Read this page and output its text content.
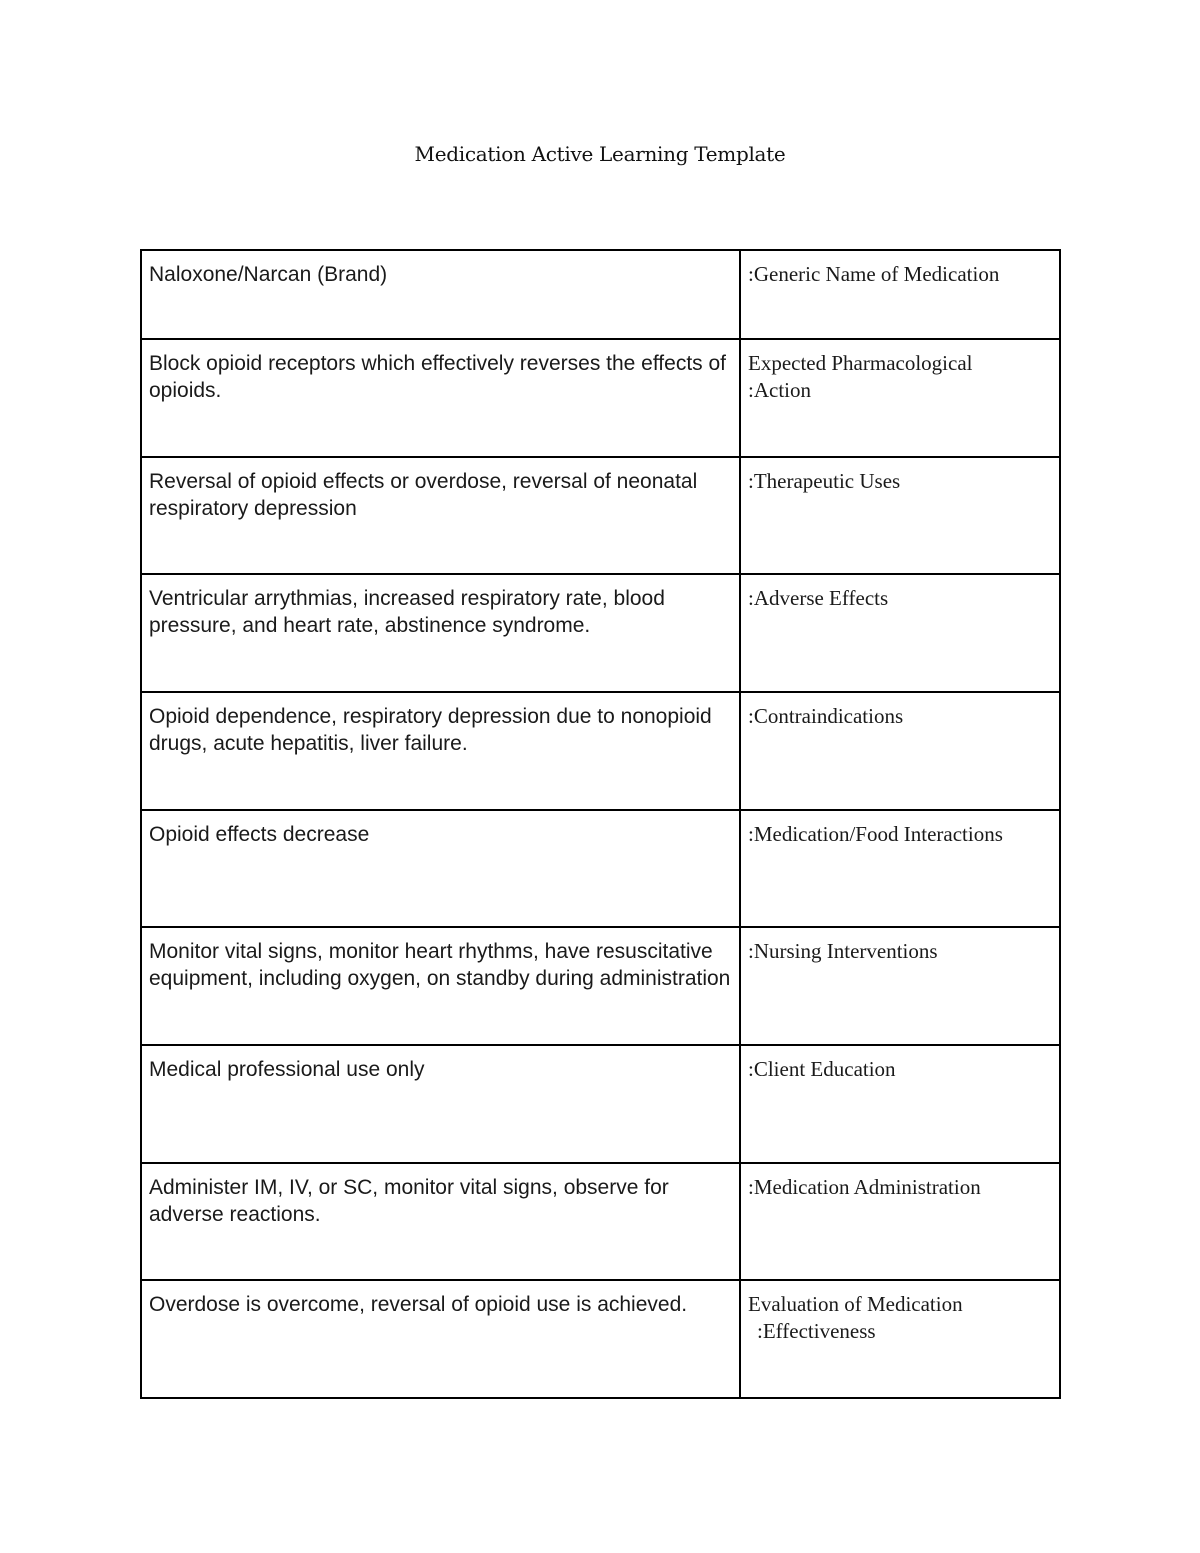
Medication Active Learning Template
Naloxone/Narcan (Brand)	:Generic Name of Medication
Block opioid receptors which effectively reverses the effects of opioids.	Expected Pharmacological
:Action

Reversal of opioid effects or overdose, reversal of neonatal respiratory depression	:Therapeutic Uses
Ventricular arrythmias, increased respiratory rate, blood pressure, and heart rate, abstinence syndrome.	:Adverse Effects
Opioid dependence, respiratory depression due to nonopioid drugs, acute hepatitis, liver failure.	:Contraindications
Opioid effects decrease	:Medication/Food Interactions
Monitor vital signs, monitor heart rhythms, have resuscitative equipment, including oxygen, on standby during administration	:Nursing Interventions
Medical professional use only	:Client Education
Administer IM, IV, or SC, monitor vital signs, observe for adverse reactions.	:Medication Administration
Overdose is overcome, reversal of opioid use is achieved.	Evaluation of Medication
:Effectiveness
